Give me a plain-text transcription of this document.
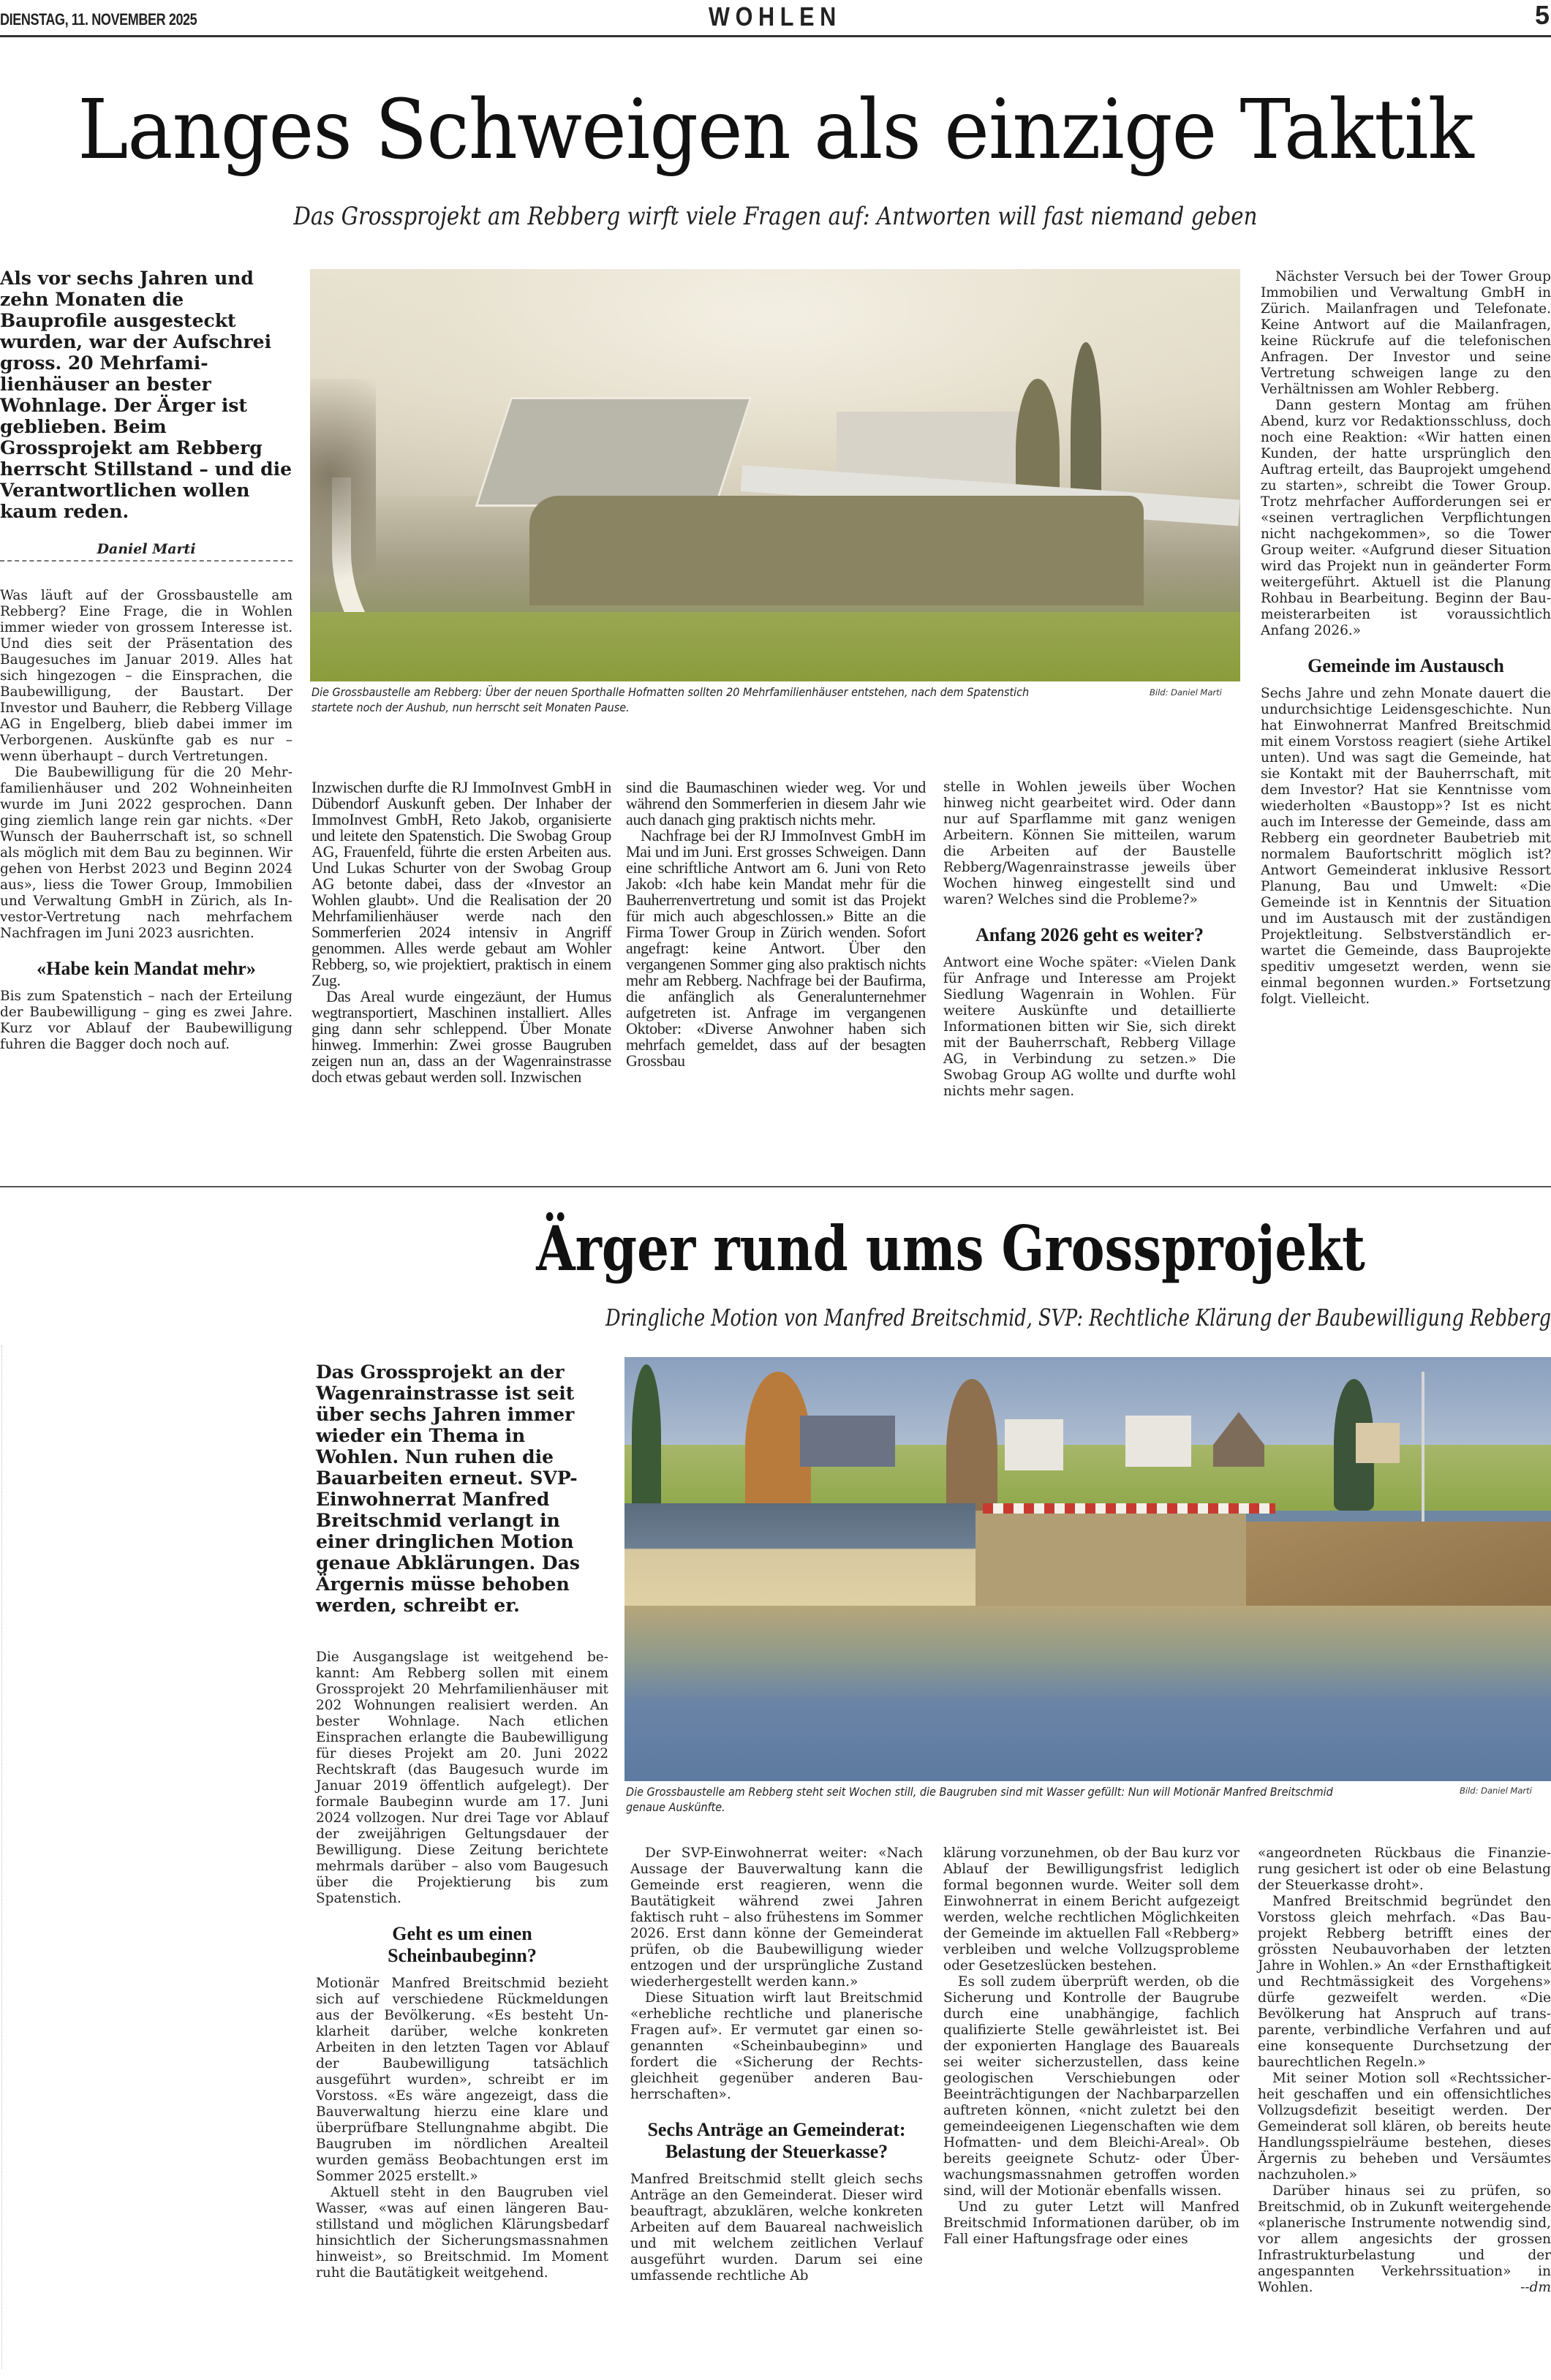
DIENSTAG, 11. NOVEMBER 2025	WOHLEN	5
Langes Schweigen als einzige Taktik
Das Grossprojekt am Rebberg wirft viele Fragen auf: Antworten will fast niemand geben

Als vor sechs Jahren und zehn Monaten die Bauprofile ausgesteckt wurden, war der Aufschrei gross. 20 Mehrfamilienhäuser an bester Wohnlage. Der Ärger ist geblieben. Beim Grossprojekt am Rebberg herrscht Stillstand – und die Verantwortlichen wollen kaum reden.

Daniel Marti

Was läuft auf der Grossbaustelle am Rebberg? Eine Frage, die in Wohlen immer wieder von grossem Interesse ist. Und dies seit der Präsentation des Baugesuches im Januar 2019. Alles hat sich hingezogen – die Einsprachen, die Baubewilligung, der Baustart. Der Investor und Bauherr, die Rebberg Village AG in Engelberg, blieb dabei immer im Verborgenen. Auskünfte gab es nur – wenn überhaupt – durch Vertretungen.

Die Baubewilligung für die 20 Mehrfamilienhäuser und 202 Wohneinheiten wurde im Juni 2022 gesprochen. Dann ging ziemlich lange rein gar nichts. «Der Wunsch der Bauherrschaft ist, so schnell als möglich mit dem Bau zu beginnen. Wir gehen von Herbst 2023 und Beginn 2024 aus», liess die Tower Group, Immobilien und Verwaltung GmbH in Zürich, als Investor-Vertretung nach mehrfachem Nachfragen im Juni 2023 ausrichten.

«Habe kein Mandat mehr»

Bis zum Spatenstich – nach der Erteilung der Baubewilligung – ging es zwei Jahre. Kurz vor Ablauf der Baubewilligung fuhren die Bagger doch noch auf.

Die Grossbaustelle am Rebberg: Über der neuen Sporthalle Hofmatten sollten 20 Mehrfamilienhäuser entstehen, nach dem Spatenstich startete noch der Aushub, nun herrscht seit Monaten Pause.
Bild: Daniel Marti

Inzwischen durfte die RJ ImmoInvest GmbH in Dübendorf Auskunft geben. Der Inhaber der ImmoInvest GmbH, Reto Jakob, organisierte und leitete den Spatenstich. Die Swobag Group AG, Frauenfeld, führte die ersten Arbeiten aus. Und Lukas Schurter von der Swobag Group AG betonte dabei, dass der «Investor an Wohlen glaubt». Und die Realisation der 20 Mehrfamilienhäuser werde nach den Sommerferien 2024 intensiv in Angriff genommen. Alles werde gebaut am Wohler Rebberg, so, wie projektiert, praktisch in einem Zug.

Das Areal wurde eingezäunt, der Humus wegtransportiert, Maschinen installiert. Alles ging dann sehr schleppend. Über Monate hinweg. Immerhin: Zwei grosse Baugruben zeigen nun an, dass an der Wagenrainstrasse doch etwas gebaut werden soll. Inzwischen

sind die Baumaschinen wieder weg. Vor und während den Sommerferien in diesem Jahr wie auch danach ging praktisch nichts mehr.

Nachfrage bei der RJ ImmoInvest GmbH im Mai und im Juni. Erst grosses Schweigen. Dann eine schriftliche Antwort am 6. Juni von Reto Jakob: «Ich habe kein Mandat mehr für die Bauherrenvertretung und somit ist das Projekt für mich auch abgeschlossen.» Bitte an die Firma Tower Group in Zürich wenden. Sofort angefragt: keine Antwort. Über den vergangenen Sommer ging also praktisch nichts mehr am Rebberg. Nachfrage bei der Baufirma, die anfänglich als Generalunternehmer aufgetreten ist. Anfrage im vergangenen Oktober: «Diverse Anwohner haben sich mehrfach gemeldet, dass auf der besagten Grossbau

stelle in Wohlen jeweils über Wochen hinweg nicht gearbeitet wird. Oder dann nur auf Sparflamme mit ganz wenigen Arbeitern. Können Sie mitteilen, warum die Arbeiten auf der Baustelle Rebberg/Wagenrainstrasse jeweils über Wochen hinweg eingestellt sind und waren? Welches sind die Probleme?»

Anfang 2026 geht es weiter?

Antwort eine Woche später: «Vielen Dank für Anfrage und Interesse am Projekt Siedlung Wagenrain in Wohlen. Für weitere Auskünfte und detaillierte Informationen bitten wir Sie, sich direkt mit der Bauherrschaft, Rebberg Village AG, in Verbindung zu setzen.» Die Swobag Group AG wollte und durfte wohl nichts mehr sagen.

Nächster Versuch bei der Tower Group Immobilien und Verwaltung GmbH in Zürich. Mailanfragen und Telefonate. Keine Antwort auf die Mailanfragen, keine Rückrufe auf die telefonischen Anfragen. Der Investor und seine Vertretung schweigen lange zu den Verhältnissen am Wohler Rebberg.

Dann gestern Montag am frühen Abend, kurz vor Redaktionsschluss, doch noch eine Reaktion: «Wir hatten einen Kunden, der hatte ursprünglich den Auftrag erteilt, das Bauprojekt umgehend zu starten», schreibt die Tower Group. Trotz mehrfacher Aufforderungen sei er «seinen vertraglichen Verpflichtungen nicht nachgekommen», so die Tower Group weiter. «Aufgrund dieser Situation wird das Projekt nun in geänderter Form weitergeführt. Aktuell ist die Planung Rohbau in Bearbeitung. Beginn der Baumeisterarbeiten ist voraussichtlich Anfang 2026.»

Gemeinde im Austausch

Sechs Jahre und zehn Monate dauert die undurchsichtige Leidensgeschichte. Nun hat Einwohnerrat Manfred Breitschmid mit einem Vorstoss reagiert (siehe Artikel unten). Und was sagt die Gemeinde, hat sie Kontakt mit der Bauherrschaft, mit dem Investor? Hat sie Kenntnisse vom wiederholten «Baustopp»? Ist es nicht auch im Interesse der Gemeinde, dass am Rebberg ein geordneter Baubetrieb mit normalem Baufortschritt möglich ist? Antwort Gemeinderat inklusive Ressort Planung, Bau und Umwelt: «Die Gemeinde ist in Kenntnis der Situation und im Austausch mit der zuständigen Projektleitung. Selbstverständlich erwartet die Gemeinde, dass Bauprojekte speditiv umgesetzt werden, wenn sie einmal begonnen wurden.» Fortsetzung folgt. Vielleicht.

Ärger rund ums Grossprojekt
Dringliche Motion von Manfred Breitschmid, SVP: Rechtliche Klärung der Baubewilligung Rebberg

Das Grossprojekt an der Wagenrainstrasse ist seit über sechs Jahren immer wieder ein Thema in Wohlen. Nun ruhen die Bauarbeiten erneut. SVP-Einwohnerrat Manfred Breitschmid verlangt in einer dringlichen Motion genaue Abklärungen. Das Ärgernis müsse behoben werden, schreibt er.

Die Ausgangslage ist weitgehend bekannt: Am Rebberg sollen mit einem Grossprojekt 20 Mehrfamilienhäuser mit 202 Wohnungen realisiert werden. An bester Wohnlage. Nach etlichen Einsprachen erlangte die Baubewilligung für dieses Projekt am 20. Juni 2022 Rechtskraft (das Baugesuch wurde im Januar 2019 öffentlich aufgelegt). Der formale Baubeginn wurde am 17. Juni 2024 vollzogen. Nur drei Tage vor Ablauf der zweijährigen Geltungsdauer der Bewilligung. Diese Zeitung berichtete mehrmals darüber – also vom Baugesuch über die Projektierung bis zum Spatenstich.

Geht es um einen Scheinbaubeginn?

Motionär Manfred Breitschmid bezieht sich auf verschiedene Rückmeldungen aus der Bevölkerung. «Es besteht Unklarheit darüber, welche konkreten Arbeiten in den letzten Tagen vor Ablauf der Baubewilligung tatsächlich ausgeführt wurden», schreibt er im Vorstoss. «Es wäre angezeigt, dass die Bauverwaltung hierzu eine klare und überprüfbare Stellungnahme abgibt. Die Baugruben im nördlichen Arealteil wurden gemäss Beobachtungen erst im Sommer 2025 erstellt.»

Aktuell steht in den Baugruben viel Wasser, «was auf einen längeren Baustillstand und möglichen Klärungsbedarf hinsichtlich der Sicherungsmassnahmen hinweist», so Breitschmid. Im Moment ruht die Bautätigkeit weitgehend.

Die Grossbaustelle am Rebberg steht seit Wochen still, die Baugruben sind mit Wasser gefüllt: Nun will Motionär Manfred Breitschmid genaue Auskünfte.
Bild: Daniel Marti

Der SVP-Einwohnerrat weiter: «Nach Aussage der Bauverwaltung kann die Gemeinde erst reagieren, wenn die Bautätigkeit während zwei Jahren faktisch ruht – also frühestens im Sommer 2026. Erst dann könne der Gemeinderat prüfen, ob die Baubewilligung wieder entzogen und der ursprüngliche Zustand wiederhergestellt werden kann.»

Diese Situation wirft laut Breitschmid «erhebliche rechtliche und planerische Fragen auf». Er vermutet gar einen sogenannten «Scheinbaubeginn» und fordert die «Sicherung der Rechtsgleichheit gegenüber anderen Bauherrschaften».

Sechs Anträge an Gemeinderat: Belastung der Steuerkasse?

Manfred Breitschmid stellt gleich sechs Anträge an den Gemeinderat. Dieser wird beauftragt, abzuklären, welche konkreten Arbeiten auf dem Bauareal nachweislich und mit welchem zeitlichen Verlauf ausgeführt wurden. Darum sei eine umfassende rechtliche Ab

klärung vorzunehmen, ob der Bau kurz vor Ablauf der Bewilligungsfrist lediglich formal begonnen wurde. Weiter soll dem Einwohnerrat in einem Bericht aufgezeigt werden, welche rechtlichen Möglichkeiten der Gemeinde im aktuellen Fall «Rebberg» verbleiben und welche Vollzugsprobleme oder Gesetzeslücken bestehen.

Es soll zudem überprüft werden, ob die Sicherung und Kontrolle der Baugrube durch eine unabhängige, fachlich qualifizierte Stelle gewährleistet ist. Bei der exponierten Hanglage des Bauareals sei weiter sicherzustellen, dass keine geologischen Verschiebungen oder Beeinträchtigungen der Nachbarparzellen auftreten können, «nicht zuletzt bei den gemeindeeigenen Liegenschaften wie dem Hofmatten- und dem Bleichi-Areal». Ob bereits geeignete Schutz- oder Überwachungsmassnahmen getroffen worden sind, will der Motionär ebenfalls wissen.

Und zu guter Letzt will Manfred Breitschmid Informationen darüber, ob im Fall einer Haftungsfrage oder eines

«angeordneten Rückbaus die Finanzierung gesichert ist oder ob eine Belastung der Steuerkasse droht».

Manfred Breitschmid begründet den Vorstoss gleich mehrfach. «Das Bauprojekt Rebberg betrifft eines der grössten Neubauvorhaben der letzten Jahre in Wohlen.» An «der Ernsthaftigkeit und Rechtmässigkeit des Vorgehens» dürfe gezweifelt werden. «Die Bevölkerung hat Anspruch auf transparente, verbindliche Verfahren und auf eine konsequente Durchsetzung der baurechtlichen Regeln.»

Mit seiner Motion soll «Rechtssicherheit geschaffen und ein offensichtliches Vollzugsdefizit beseitigt werden. Der Gemeinderat soll klären, ob bereits heute Handlungsspielräume bestehen, dieses Ärgernis zu beheben und Versäumtes nachzuholen.»

Darüber hinaus sei zu prüfen, so Breitschmid, ob in Zukunft weitergehende «planerische Instrumente notwendig sind, vor allem angesichts der grossen Infrastrukturbelastung und der angespannten Verkehrssituation» in Wohlen.	--dm
